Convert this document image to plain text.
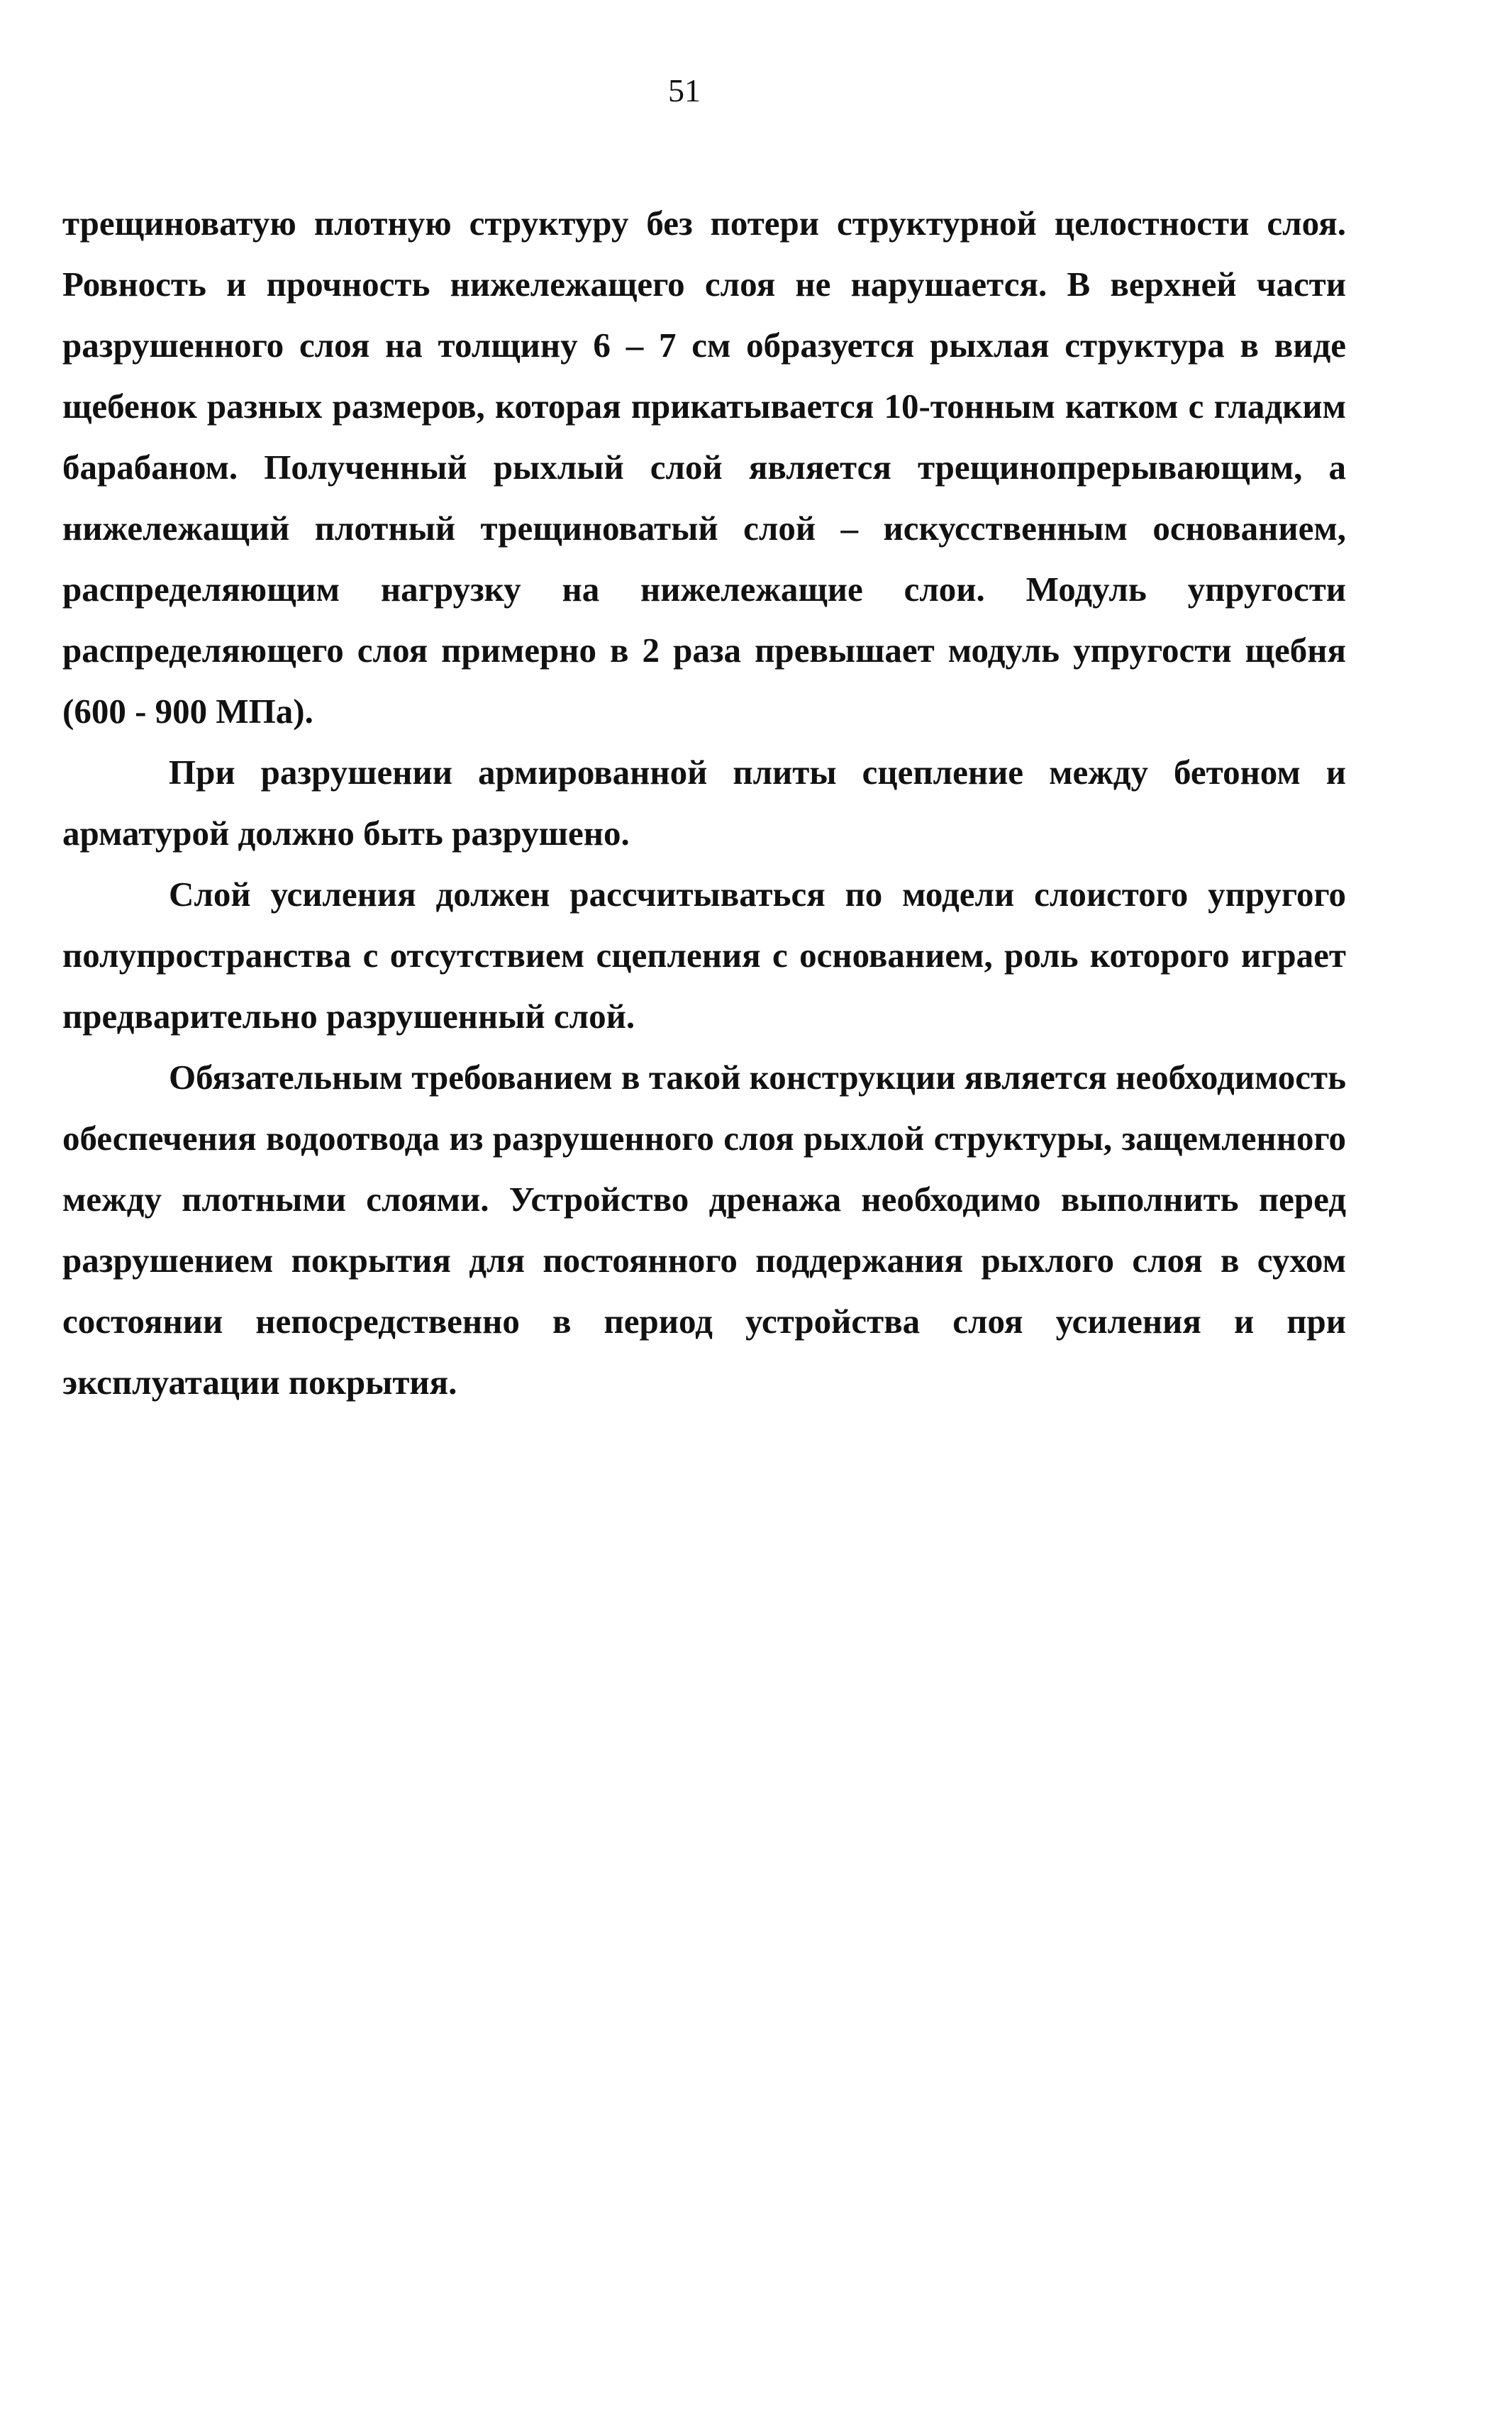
51

трещиноватую плотную структуру без потери структурной целостности слоя. Ровность и прочность нижележащего слоя не нарушается. В верхней части разрушенного слоя на толщину 6 – 7 см образуется рыхлая структура в виде щебенок разных размеров, которая прикатывается 10-тонным катком с гладким барабаном. Полученный рыхлый слой является трещинопрерывающим, а нижележащий плотный трещиноватый слой – искусственным основанием, распределяющим нагрузку на нижележащие слои. Модуль упругости распределяющего слоя примерно в 2 раза превышает модуль упругости щебня (600 - 900 МПа).

При разрушении армированной плиты сцепление между бетоном и арматурой должно быть разрушено.

Слой усиления должен рассчитываться по модели слоистого упругого полупространства с отсутствием сцепления с основанием, роль которого играет предварительно разрушенный слой.

Обязательным требованием в такой конструкции является необходимость обеспечения водоотвода из разрушенного слоя рыхлой структуры, защемленного между плотными слоями. Устройство дренажа необходимо выполнить перед разрушением покрытия для постоянного поддержания рыхлого слоя в сухом состоянии непосредственно в период устройства слоя усиления и при эксплуатации покрытия.
